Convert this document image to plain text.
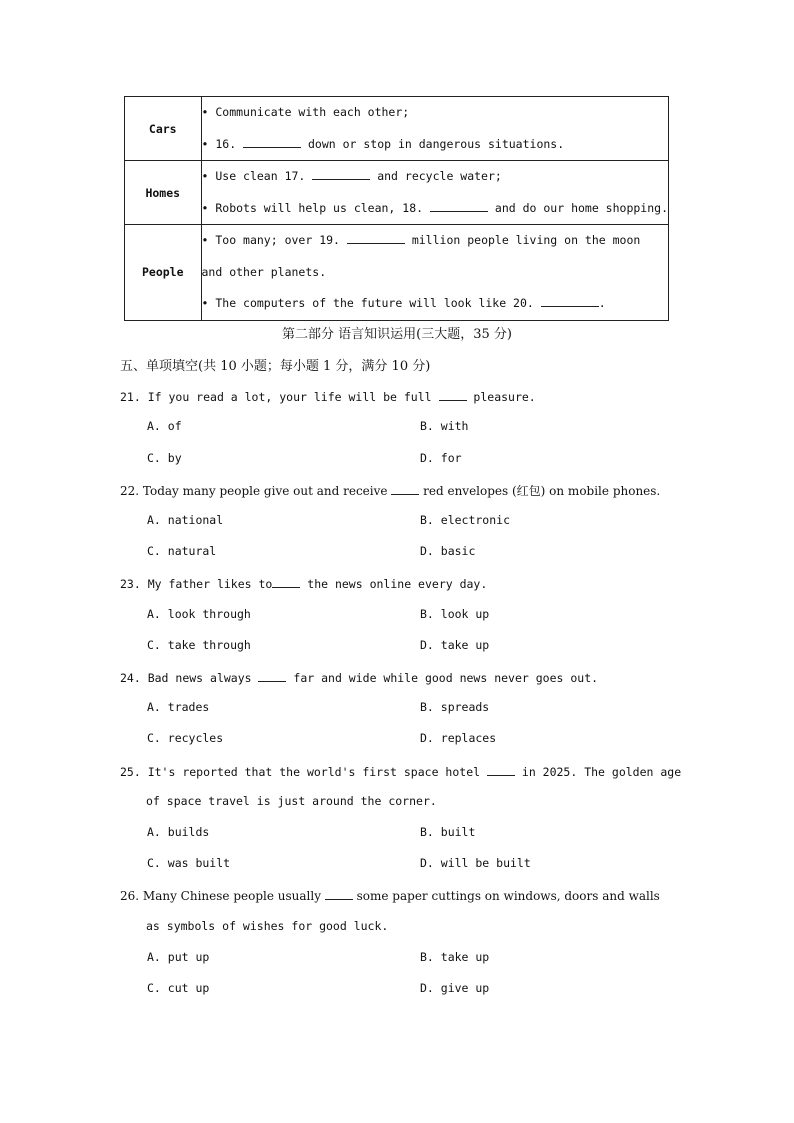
Cars	• Communicate with each other;
• 16. down or stop in dangerous situations.

Homes	• Use clean 17. and recycle water;
• Robots will help us clean, 18. and do our home shopping.

People	• Too many; over 19. million people living on the moon
and other planets.
• The computers of the future will look like 20. .
第二部分 语言知识运用(三大题，35 分)
五、单项填空(共 10 小题；每小题 1 分，满分 10 分)
21. If you read a lot, your life will be full  pleasure.
A. of	B. with
C. by	D. for
22. Today many people give out and receive  red envelopes (红包) on mobile phones.
A. national	B. electronic
C. natural	D. basic
23. My father likes to the news online every day.
A. look through	B. look up
C. take through	D. take up
24. Bad news always  far and wide while good news never goes out.
A. trades	B. spreads
C. recycles	D. replaces
25. It's reported that the world's first space hotel  in 2025. The golden age
of space travel is just around the corner.
A. builds	B. built
C. was built	D. will be built
26. Many Chinese people usually  some paper cuttings on windows, doors and walls
as symbols of wishes for good luck.
A. put up	B. take up
C. cut up	D. give up
